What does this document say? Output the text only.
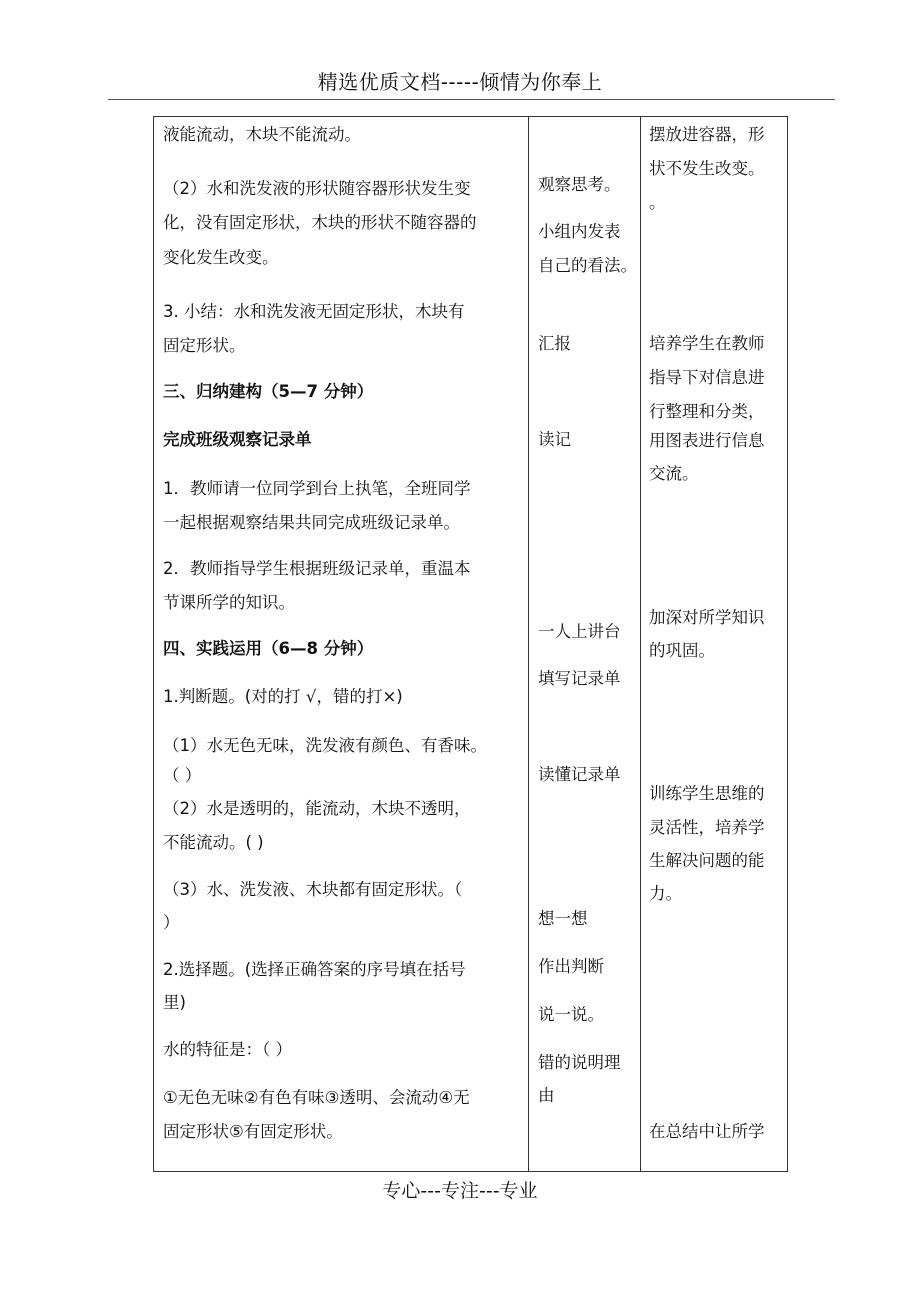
精选优质文档-----倾情为你奉上
液能流动，木块不能流动。
（2）水和洗发液的形状随容器形状发生变
化，没有固定形状，木块的形状不随容器的
变化发生改变。
3. 小结：水和洗发液无固定形状，木块有
固定形状。
三、归纳建构（5—7 分钟）
完成班级观察记录单
1．教师请一位同学到台上执笔，全班同学
一起根据观察结果共同完成班级记录单。
2．教师指导学生根据班级记录单，重温本
节课所学的知识。
四、实践运用（6—8 分钟）
1.判断题。(对的打 √，错的打×)
（1）水无色无味，洗发液有颜色、有香味。
（ ）
（2）水是透明的，能流动，木块不透明，
不能流动。( )
（3）水、洗发液、木块都有固定形状。（
）
2.选择题。(选择正确答案的序号填在括号
里)
水的特征是：（ ）
①无色无味②有色有味③透明、会流动④无
固定形状⑤有固定形状。
观察思考。
小组内发表
自己的看法。
汇报
读记
一人上讲台
填写记录单
读懂记录单
想一想
作出判断
说一说。
错的说明理
由
摆放进容器，形
状不发生改变。
。
培养学生在教师
指导下对信息进
行整理和分类，
用图表进行信息
交流。
加深对所学知识
的巩固。
训练学生思维的
灵活性，培养学
生解决问题的能
力。
在总结中让所学
专心---专注---专业
